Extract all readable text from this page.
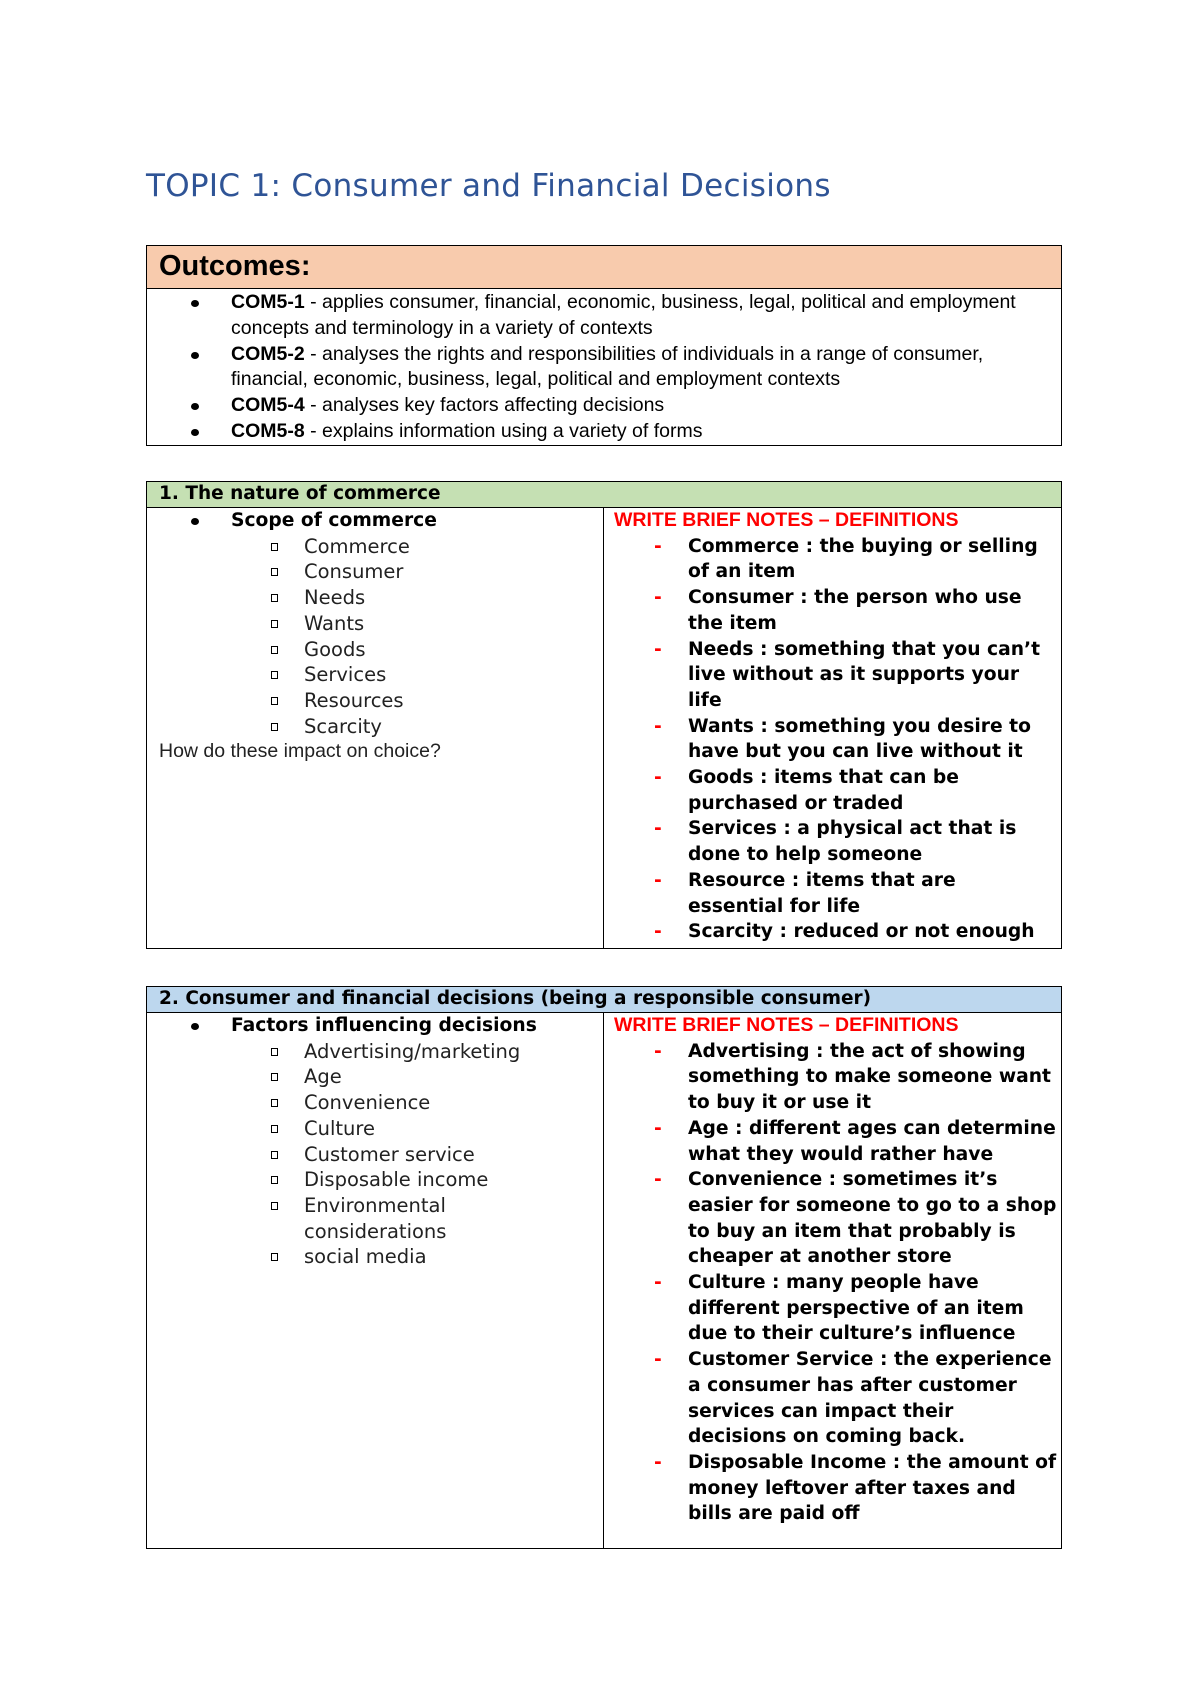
TOPIC 1: Consumer and Financial Decisions
Outcomes:

COM5-1 - applies consumer, financial, economic, business, legal, political and employment concepts and terminology in a variety of contexts
COM5-2 - analyses the rights and responsibilities of individuals in a range of consumer, financial, economic, business, legal, political and employment contexts
COM5-4 - analyses key factors affecting decisions
COM5-8 - explains information using a variety of forms
1. The nature of commerce

Scope of commerce
Commerce
Consumer
Needs
Wants
Goods
Services
Resources
Scarcity
How do these impact on choice?

WRITE BRIEF NOTES – DEFINITIONS
- Commerce : the buying or selling of an item
- Consumer : the person who use the item
- Needs : something that you can’t live without as it supports your life
- Wants : something you desire to have but you can live without it
- Goods : items that can be purchased or traded
- Services : a physical act that is done to help someone
- Resource : items that are essential for life
- Scarcity : reduced or not enough
2. Consumer and financial decisions (being a responsible consumer)

Factors influencing decisions
Advertising/marketing
Age
Convenience
Culture
Customer service
Disposable income
Environmental considerations
social media

WRITE BRIEF NOTES – DEFINITIONS
- Advertising : the act of showing something to make someone want to buy it or use it
- Age : different ages can determine what they would rather have
- Convenience : sometimes it’s easier for someone to go to a shop to buy an item that probably is cheaper at another store
- Culture : many people have different perspective of an item due to their culture’s influence
- Customer Service : the experience a consumer has after customer services can impact their decisions on coming back.
- Disposable Income : the amount of money leftover after taxes and bills are paid off
